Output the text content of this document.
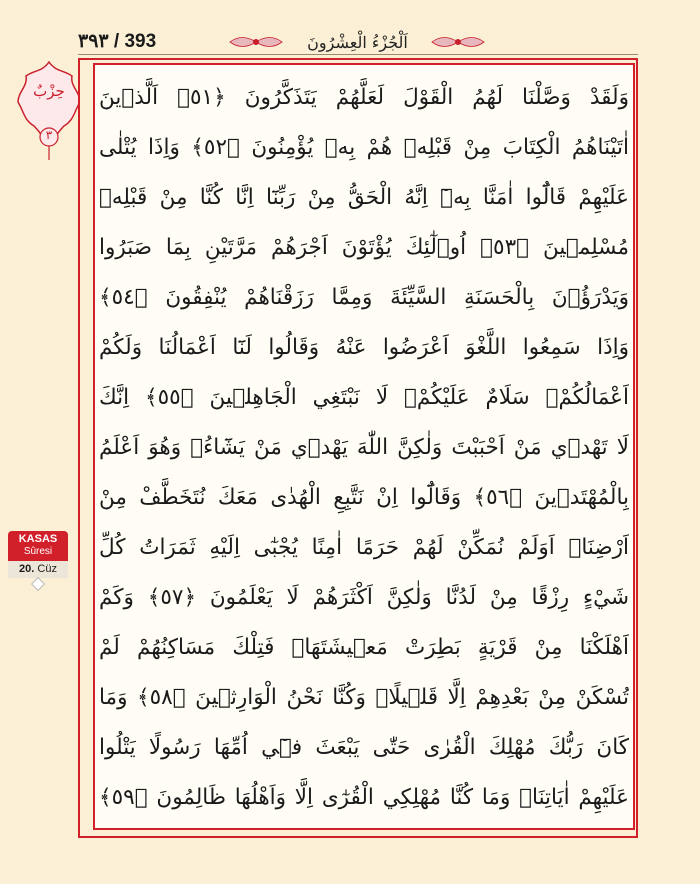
٣٩٣ / 393	اَلْجُزْءُ الْعِشْرُونَ
حِزْبٌ
٣
وَلَقَدْ وَصَّلْنَا لَهُمُ الْقَوْلَ لَعَلَّهُمْ يَتَذَكَّرُونَ ﴿٥١﴾ اَلَّذٖينَ
اٰتَيْنَاهُمُ الْكِتَابَ مِنْ قَبْلِهٖ هُمْ بِهٖ يُؤْمِنُونَ ﴿٥٢﴾ وَاِذَا يُتْلٰى
عَلَيْهِمْ قَالُٓوا اٰمَنَّا بِهٖٓ اِنَّهُ الْحَقُّ مِنْ رَبِّنَٓا اِنَّا كُنَّا مِنْ قَبْلِهٖ
مُسْلِمٖينَ ﴿٥٣﴾ اُو۬لٰٓئِكَ يُؤْتَوْنَ اَجْرَهُمْ مَرَّتَيْنِ بِمَا صَبَرُوا
وَيَدْرَؤُ۫نَ بِالْحَسَنَةِ السَّيِّئَةَ وَمِمَّا رَزَقْنَاهُمْ يُنْفِقُونَ ﴿٥٤﴾
وَاِذَا سَمِعُوا اللَّغْوَ اَعْرَضُوا عَنْهُ وَقَالُوا لَنَٓا اَعْمَالُنَا وَلَكُمْ
اَعْمَالُكُمْۘ سَلَامٌ عَلَيْكُمْۘ لَا نَبْتَغِي الْجَاهِلٖينَ ﴿٥٥﴾ اِنَّكَ
لَا تَهْدٖي مَنْ اَحْبَبْتَ وَلٰكِنَّ اللّٰهَ يَهْدٖي مَنْ يَشَٓاءُۚ وَهُوَ اَعْلَمُ
بِالْمُهْتَدٖينَ ﴿٥٦﴾ وَقَالُٓوا اِنْ نَتَّبِعِ الْهُدٰى مَعَكَ نُتَخَطَّفْ مِنْ
اَرْضِنَاۜ اَوَلَمْ نُمَكِّنْ لَهُمْ حَرَمًا اٰمِنًا يُجْبٰٓى اِلَيْهِ ثَمَرَاتُ كُلِّ
شَيْءٍ رِزْقًا مِنْ لَدُنَّا وَلٰكِنَّ اَكْثَرَهُمْ لَا يَعْلَمُونَ ﴿٥٧﴾ وَكَمْ
اَهْلَكْنَا مِنْ قَرْيَةٍ بَطِرَتْ مَعٖيشَتَهَاۚ فَتِلْكَ مَسَاكِنُهُمْ لَمْ
تُسْكَنْ مِنْ بَعْدِهِمْ اِلَّا قَلٖيلًاۜ وَكُنَّا نَحْنُ الْوَارِثٖينَ ﴿٥٨﴾ وَمَا
كَانَ رَبُّكَ مُهْلِكَ الْقُرٰى حَتّٰى يَبْعَثَ فٖٓي اُمِّهَا رَسُولًا يَتْلُوا
عَلَيْهِمْ اٰيَاتِنَاۚ وَمَا كُنَّا مُهْلِكِي الْقُرٰٓى اِلَّا وَاَهْلُهَا ظَالِمُونَ ﴿٥٩﴾
KASAS
Sûresi
20. Cüz
